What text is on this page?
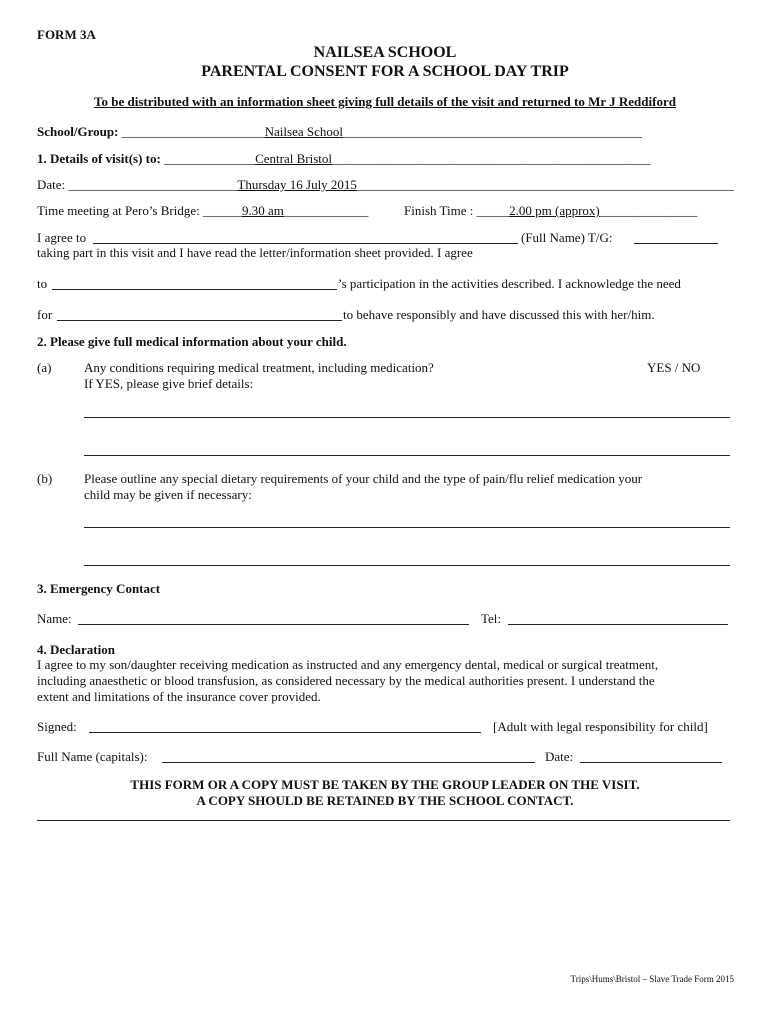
FORM 3A
NAILSEA SCHOOL
PARENTAL CONSENT FOR A SCHOOL DAY TRIP
To be distributed with an information sheet giving full details of the visit and returned to Mr J Reddiford
School/Group: ______________________Nailsea School______________________________________________
1. Details of visit(s) to: ______________Central Bristol_________________________________________________
Date: __________________________Thursday 16 July 2015__________________________________________________________
Time meeting at Pero’s Bridge: ______9.30 am_____________	Finish Time : _____2.00 pm (approx)_______________
I agree to	(Full Name) T/G:
taking part in this visit and I have read the letter/information sheet provided. I agree
to	’s participation in the activities described. I acknowledge the need
for	to behave responsibly and have discussed this with her/him.
2. Please give full medical information about your child.
(a)	Any conditions requiring medical treatment, including medication?	YES / NO
If YES, please give brief details:
(b) Please outline any special dietary requirements of your child and the type of pain/flu relief medication your
child may be given if necessary:
3. Emergency Contact
Name:	Tel:
4. Declaration
I agree to my son/daughter receiving medication as instructed and any emergency dental, medical or surgical treatment,
including anaesthetic or blood transfusion, as considered necessary by the medical authorities present. I understand the
extent and limitations of the insurance cover provided.
Signed:	[Adult with legal responsibility for child]
Full Name (capitals):	Date:
THIS FORM OR A COPY MUST BE TAKEN BY THE GROUP LEADER ON THE VISIT.
A COPY SHOULD BE RETAINED BY THE SCHOOL CONTACT.
Trips\Hums\Bristol – Slave Trade Form 2015
